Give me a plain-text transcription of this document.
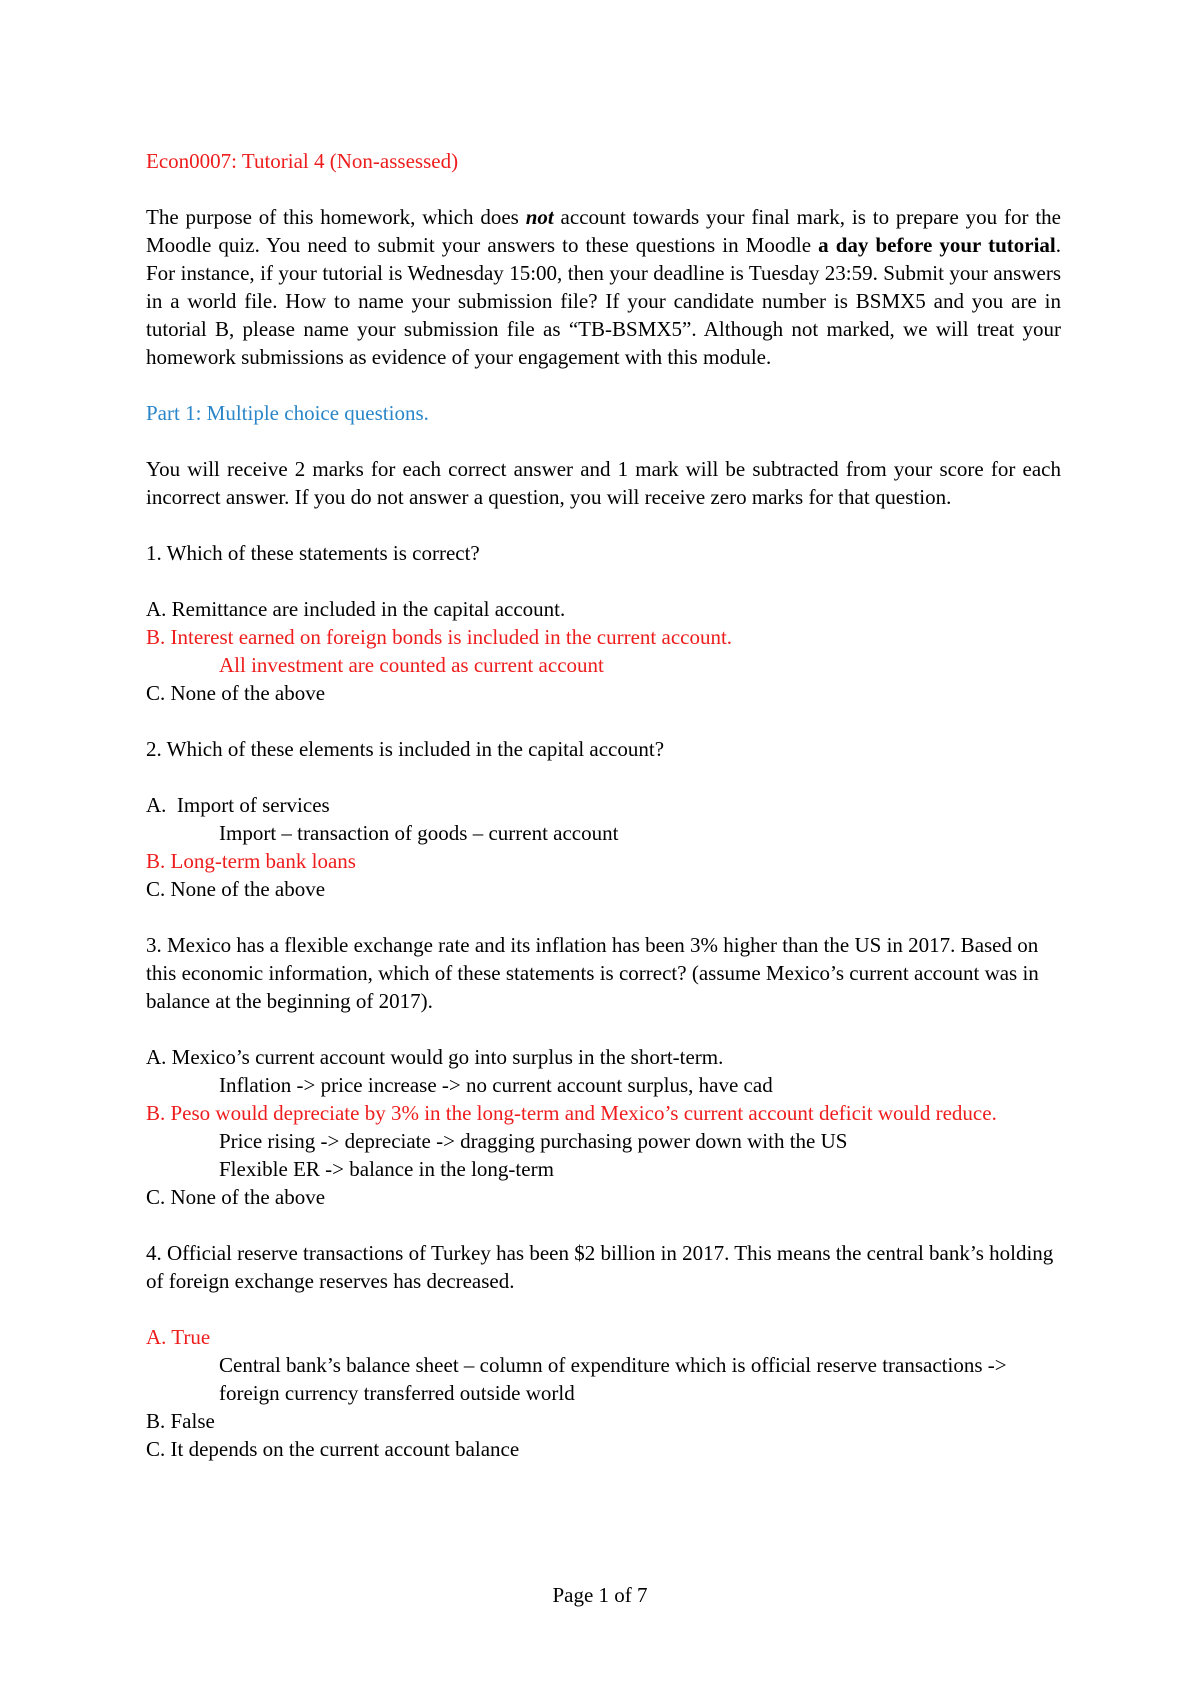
Econ0007: Tutorial 4 (Non-assessed)

The purpose of this homework, which does not account towards your final mark, is to prepare you for the Moodle quiz. You need to submit your answers to these questions in Moodle a day before your tutorial. For instance, if your tutorial is Wednesday 15:00, then your deadline is Tuesday 23:59. Submit your answers in a world file. How to name your submission file? If your candidate number is BSMX5 and you are in tutorial B, please name your submission file as “TB-BSMX5”. Although not marked, we will treat your homework submissions as evidence of your engagement with this module.

Part 1: Multiple choice questions.

You will receive 2 marks for each correct answer and 1 mark will be subtracted from your score for each incorrect answer. If you do not answer a question, you will receive zero marks for that question.

1. Which of these statements is correct?

A. Remittance are included in the capital account.

B. Interest earned on foreign bonds is included in the current account.

All investment are counted as current account

C. None of the above

2. Which of these elements is included in the capital account?

A.  Import of services

Import – transaction of goods – current account

B. Long-term bank loans

C. None of the above

3. Mexico has a flexible exchange rate and its inflation has been 3% higher than the US in 2017. Based on this economic information, which of these statements is correct? (assume Mexico’s current account was in balance at the beginning of 2017).

A. Mexico’s current account would go into surplus in the short-term.

Inflation -> price increase -> no current account surplus, have cad

B. Peso would depreciate by 3% in the long-term and Mexico’s current account deficit would reduce.

Price rising -> depreciate -> dragging purchasing power down with the US

Flexible ER -> balance in the long-term

C. None of the above

4. Official reserve transactions of Turkey has been $2 billion in 2017. This means the central bank’s holding of foreign exchange reserves has decreased.

A. True

Central bank’s balance sheet – column of expenditure which is official reserve transactions -> foreign currency transferred outside world

B. False

C. It depends on the current account balance

Page 1 of 7
